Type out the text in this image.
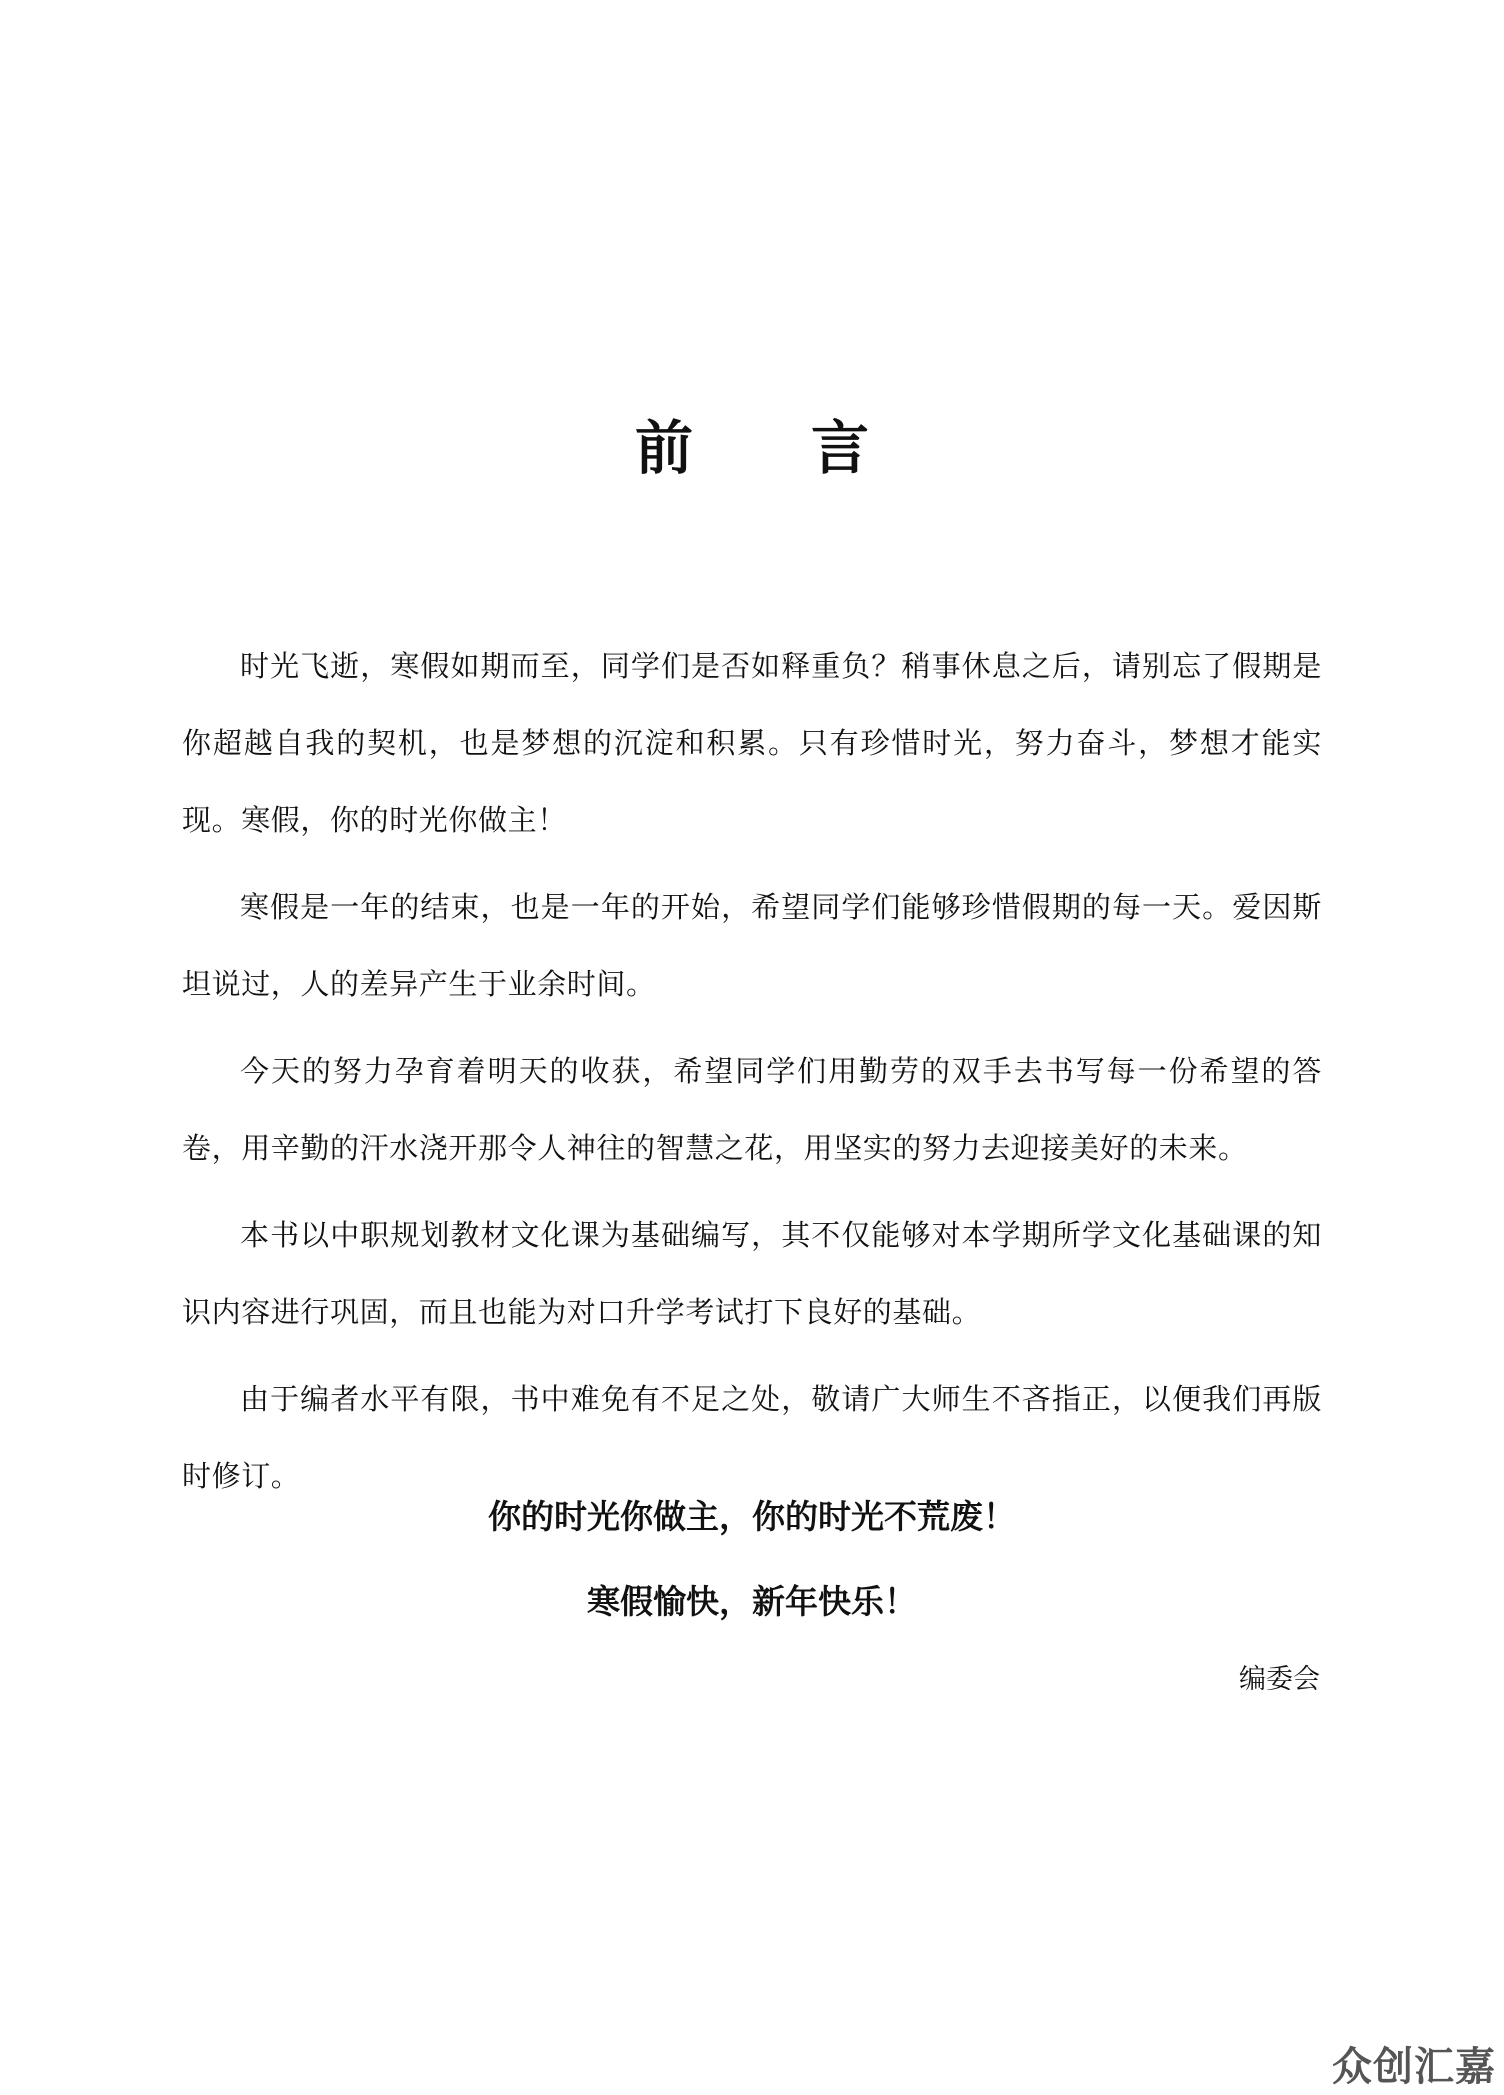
前言

时光飞逝，寒假如期而至，同学们是否如释重负？稍事休息之后，请别忘了假期是你超越自我的契机，也是梦想的沉淀和积累。只有珍惜时光，努力奋斗，梦想才能实现。寒假，你的时光你做主！

寒假是一年的结束，也是一年的开始，希望同学们能够珍惜假期的每一天。爱因斯坦说过，人的差异产生于业余时间。

今天的努力孕育着明天的收获，希望同学们用勤劳的双手去书写每一份希望的答卷，用辛勤的汗水浇开那令人神往的智慧之花，用坚实的努力去迎接美好的未来。

本书以中职规划教材文化课为基础编写，其不仅能够对本学期所学文化基础课的知识内容进行巩固，而且也能为对口升学考试打下良好的基础。

由于编者水平有限，书中难免有不足之处，敬请广大师生不吝指正，以便我们再版时修订。

你的时光你做主，你的时光不荒废！
寒假愉快，新年快乐！
编委会
众创汇嘉
